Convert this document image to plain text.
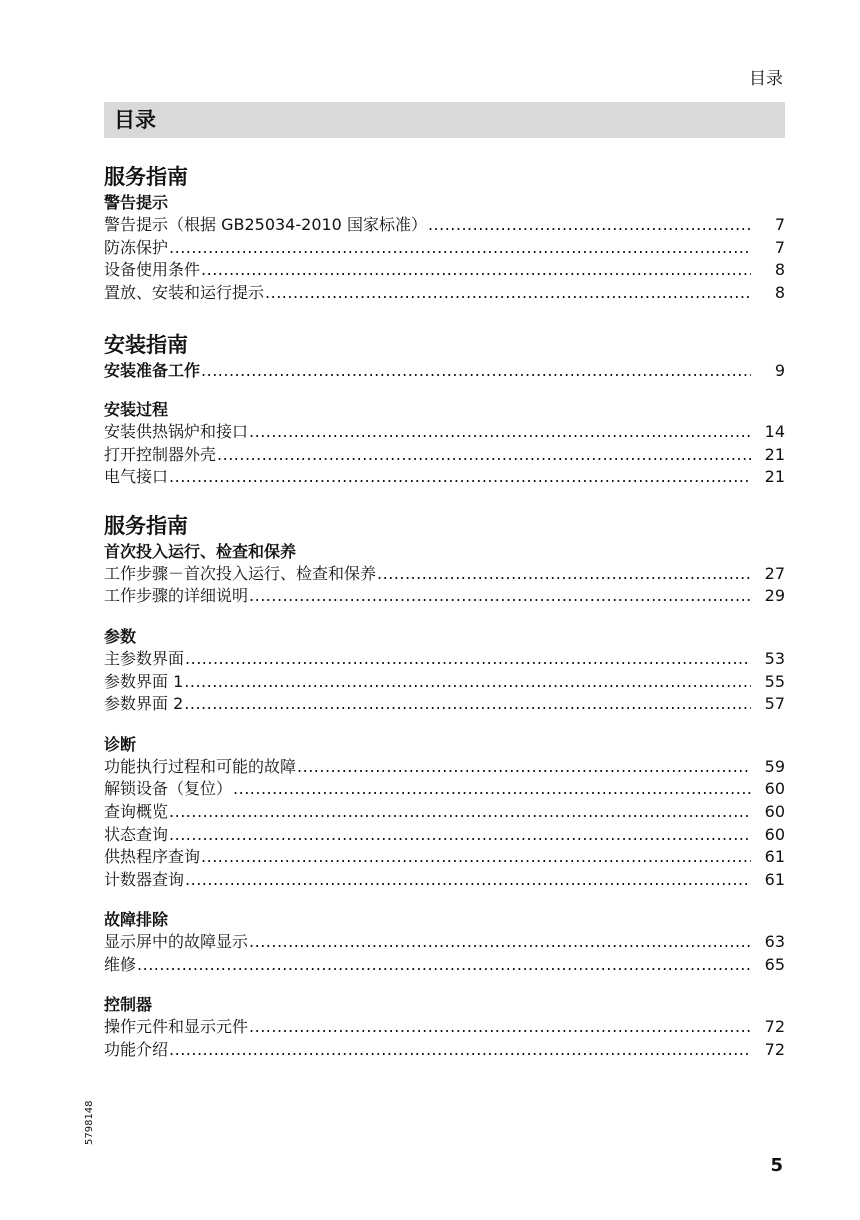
目录
目录
服务指南
警告提示
警告提示（根据 GB25034-2010 国家标准） .....	7
防冻保护 .....	7
设备使用条件 .....	8
置放、安装和运行提示 .....	8
安装指南
安装准备工作 .....	9
安装过程
安装供热锅炉和接口 .....	14
打开控制器外壳 .....	21
电气接口 .....	21
服务指南
首次投入运行、检查和保养
工作步骤－首次投入运行、检查和保养 .....	27
工作步骤的详细说明 .....	29
参数
主参数界面 .....	53
参数界面 1 .....	55
参数界面 2 .....	57
诊断
功能执行过程和可能的故障 .....	59
解锁设备（复位） .....	60
查询概览 .....	60
状态查询 .....	60
供热程序查询 .....	61
计数器查询 .....	61
故障排除
显示屏中的故障显示 .....	63
维修 .....	65
控制器
操作元件和显示元件 .....	72
功能介绍 .....	72
5798148
5
